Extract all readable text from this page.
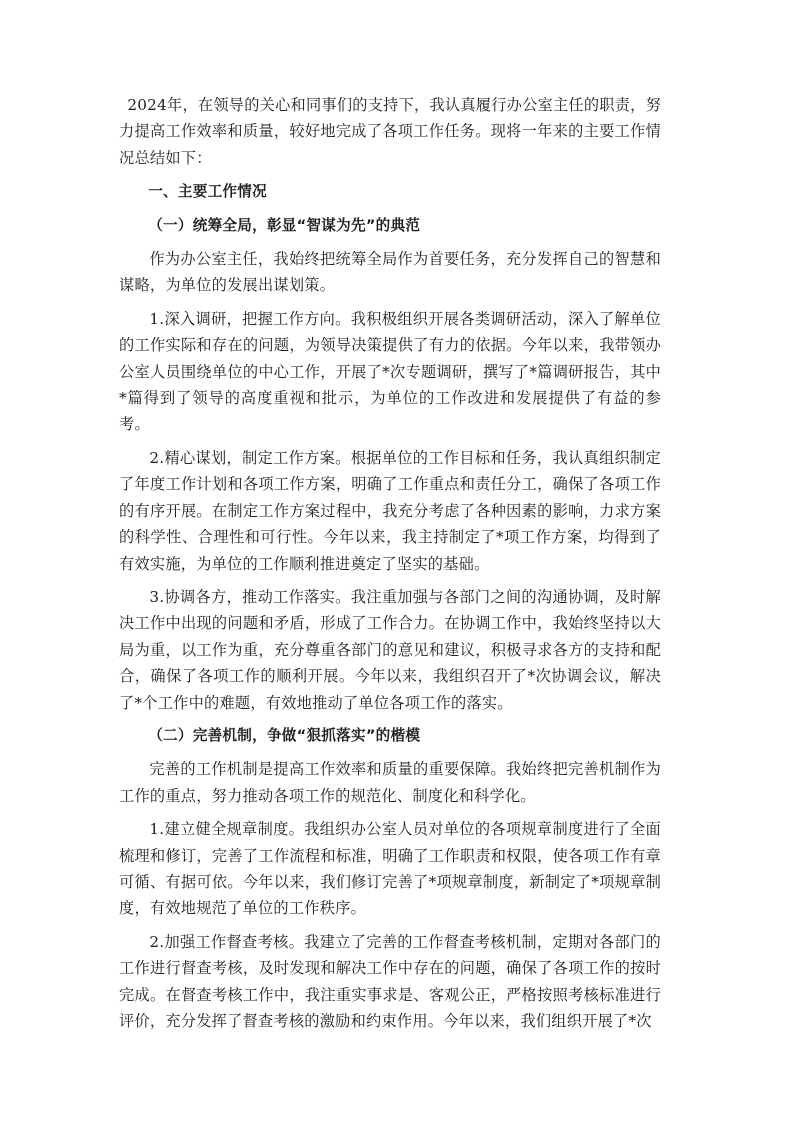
2024年，在领导的关心和同事们的支持下，我认真履行办公室主任的职责，努力提高工作效率和质量，较好地完成了各项工作任务。现将一年来的主要工作情况总结如下：

一、主要工作情况

（一）统筹全局，彰显“智谋为先”的典范

作为办公室主任，我始终把统筹全局作为首要任务，充分发挥自己的智慧和谋略，为单位的发展出谋划策。

1.深入调研，把握工作方向。我积极组织开展各类调研活动，深入了解单位的工作实际和存在的问题，为领导决策提供了有力的依据。今年以来，我带领办公室人员围绕单位的中心工作，开展了*次专题调研，撰写了*篇调研报告，其中*篇得到了领导的高度重视和批示，为单位的工作改进和发展提供了有益的参考。

2.精心谋划，制定工作方案。根据单位的工作目标和任务，我认真组织制定了年度工作计划和各项工作方案，明确了工作重点和责任分工，确保了各项工作的有序开展。在制定工作方案过程中，我充分考虑了各种因素的影响，力求方案的科学性、合理性和可行性。今年以来，我主持制定了*项工作方案，均得到了有效实施，为单位的工作顺利推进奠定了坚实的基础。

3.协调各方，推动工作落实。我注重加强与各部门之间的沟通协调，及时解决工作中出现的问题和矛盾，形成了工作合力。在协调工作中，我始终坚持以大局为重，以工作为重，充分尊重各部门的意见和建议，积极寻求各方的支持和配合，确保了各项工作的顺利开展。今年以来，我组织召开了*次协调会议，解决了*个工作中的难题，有效地推动了单位各项工作的落实。

（二）完善机制，争做“狠抓落实”的楷模

完善的工作机制是提高工作效率和质量的重要保障。我始终把完善机制作为工作的重点，努力推动各项工作的规范化、制度化和科学化。

1.建立健全规章制度。我组织办公室人员对单位的各项规章制度进行了全面梳理和修订，完善了工作流程和标准，明确了工作职责和权限，使各项工作有章可循、有据可依。今年以来，我们修订完善了*项规章制度，新制定了*项规章制度，有效地规范了单位的工作秩序。

2.加强工作督查考核。我建立了完善的工作督查考核机制，定期对各部门的工作进行督查考核，及时发现和解决工作中存在的问题，确保了各项工作的按时完成。在督查考核工作中，我注重实事求是、客观公正，严格按照考核标准进行评价，充分发挥了督查考核的激励和约束作用。今年以来，我们组织开展了*次
